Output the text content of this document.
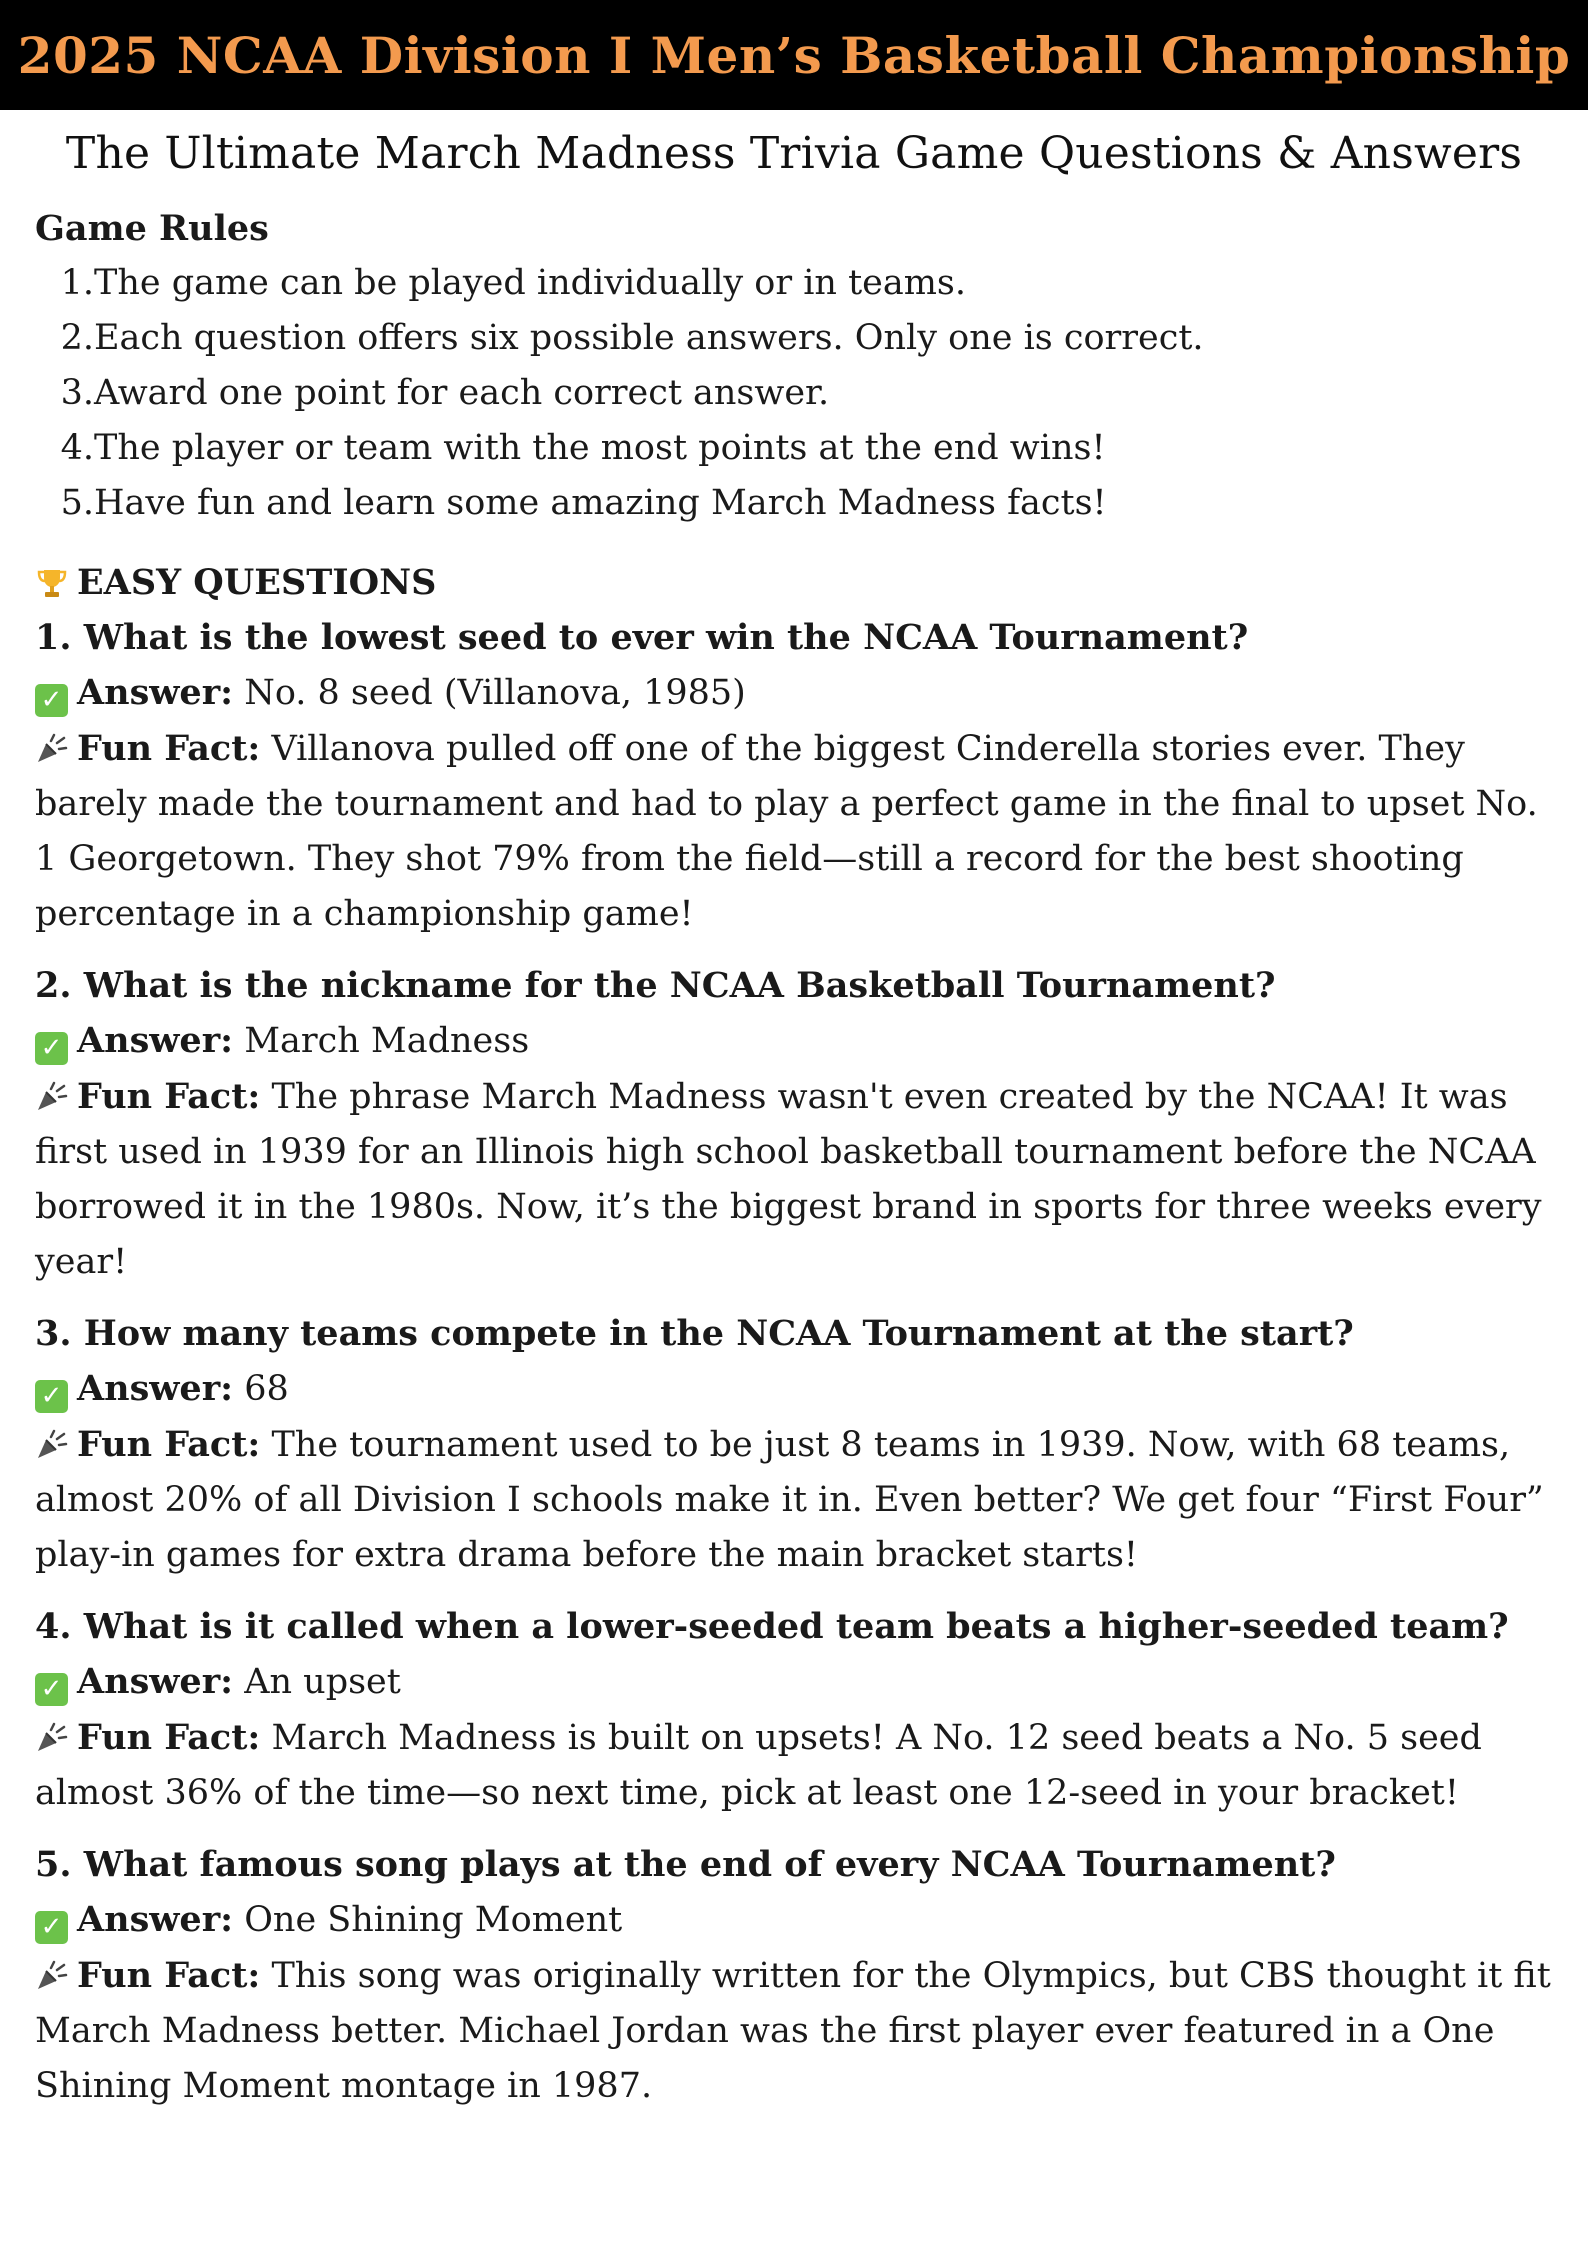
2025 NCAA Division I Men’s Basketball Championship
The Ultimate March Madness Trivia Game Questions & Answers
Game Rules
1. The game can be played individually or in teams.
2. Each question offers six possible answers. Only one is correct.
3. Award one point for each correct answer.
4. The player or team with the most points at the end wins!
5. Have fun and learn some amazing March Madness facts!
EASY QUESTIONS
1. What is the lowest seed to ever win the NCAA Tournament?
✓ Answer: No. 8 seed (Villanova, 1985)
Fun Fact: Villanova pulled off one of the biggest Cinderella stories ever. They barely made the tournament and had to play a perfect game in the final to upset No. 1 Georgetown. They shot 79% from the field—still a record for the best shooting percentage in a championship game!
2. What is the nickname for the NCAA Basketball Tournament?
✓ Answer: March Madness
Fun Fact: The phrase March Madness wasn't even created by the NCAA! It was first used in 1939 for an Illinois high school basketball tournament before the NCAA borrowed it in the 1980s. Now, it’s the biggest brand in sports for three weeks every year!
3. How many teams compete in the NCAA Tournament at the start?
✓ Answer: 68
Fun Fact: The tournament used to be just 8 teams in 1939. Now, with 68 teams, almost 20% of all Division I schools make it in. Even better? We get four “First Four” play-in games for extra drama before the main bracket starts!
4. What is it called when a lower-seeded team beats a higher-seeded team?
✓ Answer: An upset
Fun Fact: March Madness is built on upsets! A No. 12 seed beats a No. 5 seed almost 36% of the time—so next time, pick at least one 12-seed in your bracket!
5. What famous song plays at the end of every NCAA Tournament?
✓ Answer: One Shining Moment
Fun Fact: This song was originally written for the Olympics, but CBS thought it fit March Madness better. Michael Jordan was the first player ever featured in a One Shining Moment montage in 1987.
